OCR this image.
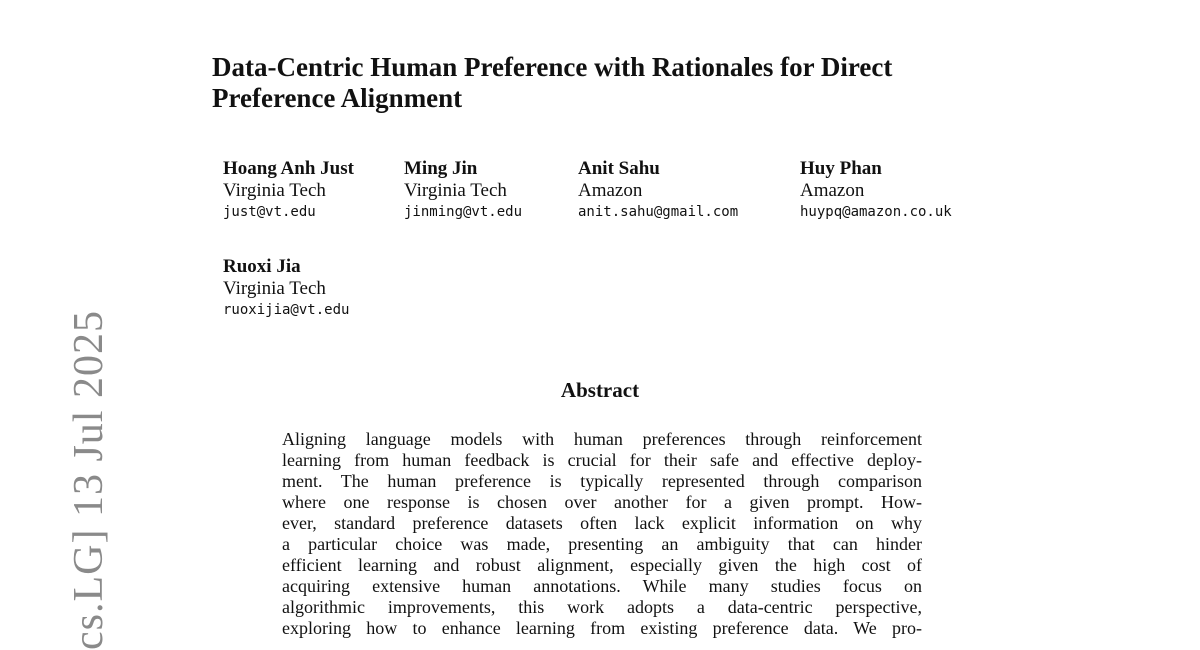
cs.LG] 13 Jul 2025
Data-Centric Human Preference with Rationales for Direct
Preference Alignment
Hoang Anh Just
Virginia Tech
just@vt.edu
Ming Jin
Virginia Tech
jinming@vt.edu
Anit Sahu
Amazon
anit.sahu@gmail.com
Huy Phan
Amazon
huypq@amazon.co.uk
Ruoxi Jia
Virginia Tech
ruoxijia@vt.edu
Abstract
Aligning language models with human preferences through reinforcement
learning from human feedback is crucial for their safe and effective deploy-
ment. The human preference is typically represented through comparison
where one response is chosen over another for a given prompt. How-
ever, standard preference datasets often lack explicit information on why
a particular choice was made, presenting an ambiguity that can hinder
efficient learning and robust alignment, especially given the high cost of
acquiring extensive human annotations. While many studies focus on
algorithmic improvements, this work adopts a data-centric perspective,
exploring how to enhance learning from existing preference data. We pro-
